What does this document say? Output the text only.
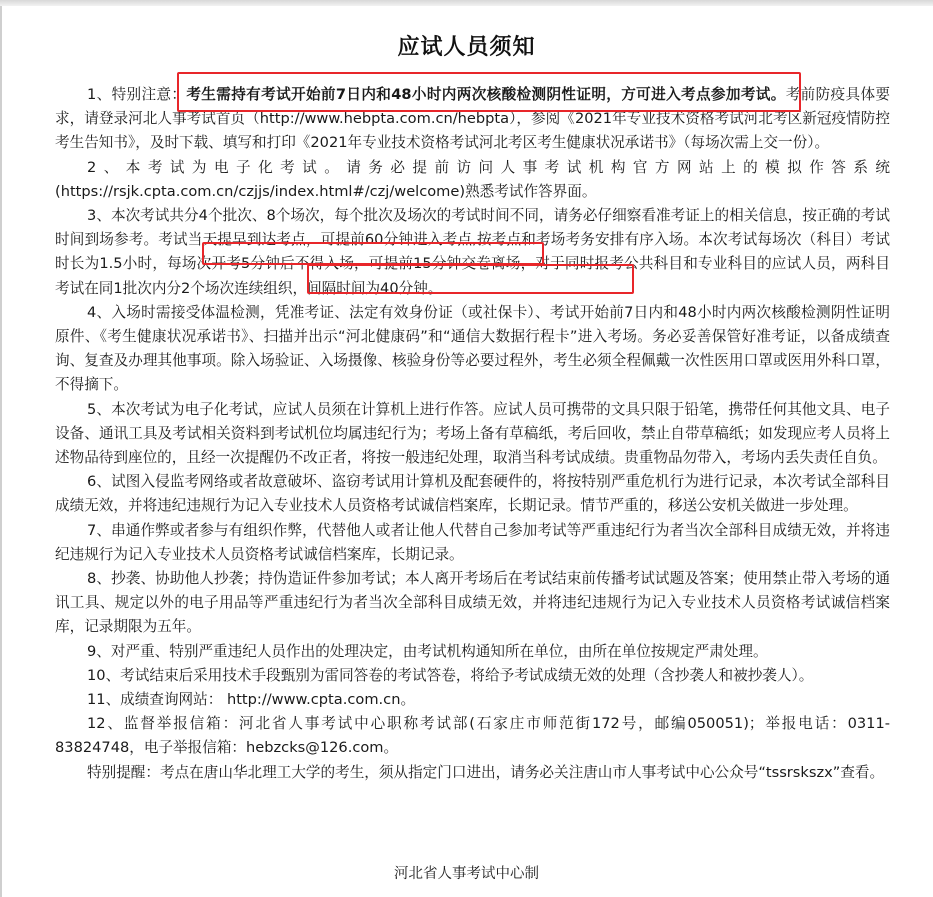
应试人员须知

1、特别注意：考生需持有考试开始前7日内和48小时内两次核酸检测阴性证明，方可进入考点参加考试。考前防疫具体要求，请登录河北人事考试首页（http://www.hebpta.com.cn/hebpta），参阅《2021年专业技术资格考试河北考区新冠疫情防控考生告知书》，及时下载、填写和打印《2021年专业技术资格考试河北考区考生健康状况承诺书》（每场次需上交一份）。

2、本考试为电子化考试。请务必提前访问人事考试机构官方网站上的模拟作答系统(https://rsjk.cpta.com.cn/czjjs/index.html#/czj/welcome)熟悉考试作答界面。

3、本次考试共分4个批次、8个场次，每个批次及场次的考试时间不同，请务必仔细察看准考证上的相关信息，按正确的考试时间到场参考。考试当天提早到达考点，可提前60分钟进入考点,按考点和考场考务安排有序入场。本次考试每场次（科目）考试时长为1.5小时，每场次开考5分钟后不得入场，可提前15分钟交卷离场，对于同时报考公共科目和专业科目的应试人员，两科目考试在同1批次内分2个场次连续组织，间隔时间为40分钟。

4、入场时需接受体温检测，凭准考证、法定有效身份证（或社保卡）、考试开始前7日内和48小时内两次核酸检测阴性证明原件、《考生健康状况承诺书》、扫描并出示“河北健康码”和“通信大数据行程卡”进入考场。务必妥善保管好准考证，以备成绩查询、复查及办理其他事项。除入场验证、入场摄像、核验身份等必要过程外，考生必须全程佩戴一次性医用口罩或医用外科口罩，不得摘下。

5、本次考试为电子化考试，应试人员须在计算机上进行作答。应试人员可携带的文具只限于铅笔，携带任何其他文具、电子设备、通讯工具及考试相关资料到考试机位均属违纪行为；考场上备有草稿纸，考后回收，禁止自带草稿纸；如发现应考人员将上述物品待到座位的，且经一次提醒仍不改正者，将按一般违纪处理，取消当科考试成绩。贵重物品勿带入，考场内丢失责任自负。

6、试图入侵监考网络或者故意破坏、盗窃考试用计算机及配套硬件的，将按特别严重危机行为进行记录，本次考试全部科目成绩无效，并将违纪违规行为记入专业技术人员资格考试诚信档案库，长期记录。情节严重的，移送公安机关做进一步处理。

7、串通作弊或者参与有组织作弊，代替他人或者让他人代替自己参加考试等严重违纪行为者当次全部科目成绩无效，并将违纪违规行为记入专业技术人员资格考试诚信档案库，长期记录。

8、抄袭、协助他人抄袭；持伪造证件参加考试；本人离开考场后在考试结束前传播考试试题及答案；使用禁止带入考场的通讯工具、规定以外的电子用品等严重违纪行为者当次全部科目成绩无效，并将违纪违规行为记入专业技术人员资格考试诚信档案库，记录期限为五年。

9、对严重、特别严重违纪人员作出的处理决定，由考试机构通知所在单位，由所在单位按规定严肃处理。

10、考试结束后采用技术手段甄别为雷同答卷的考试答卷，将给予考试成绩无效的处理（含抄袭人和被抄袭人）。

11、成绩查询网站： http://www.cpta.com.cn。

12、监督举报信箱：河北省人事考试中心职称考试部(石家庄市师范街172号，邮编050051)；举报电话：0311-83824748，电子举报信箱：hebzcks@126.com。

特别提醒：考点在唐山华北理工大学的考生，须从指定门口进出，请务必关注唐山市人事考试中心公众号“tssrskszx”查看。

河北省人事考试中心制
